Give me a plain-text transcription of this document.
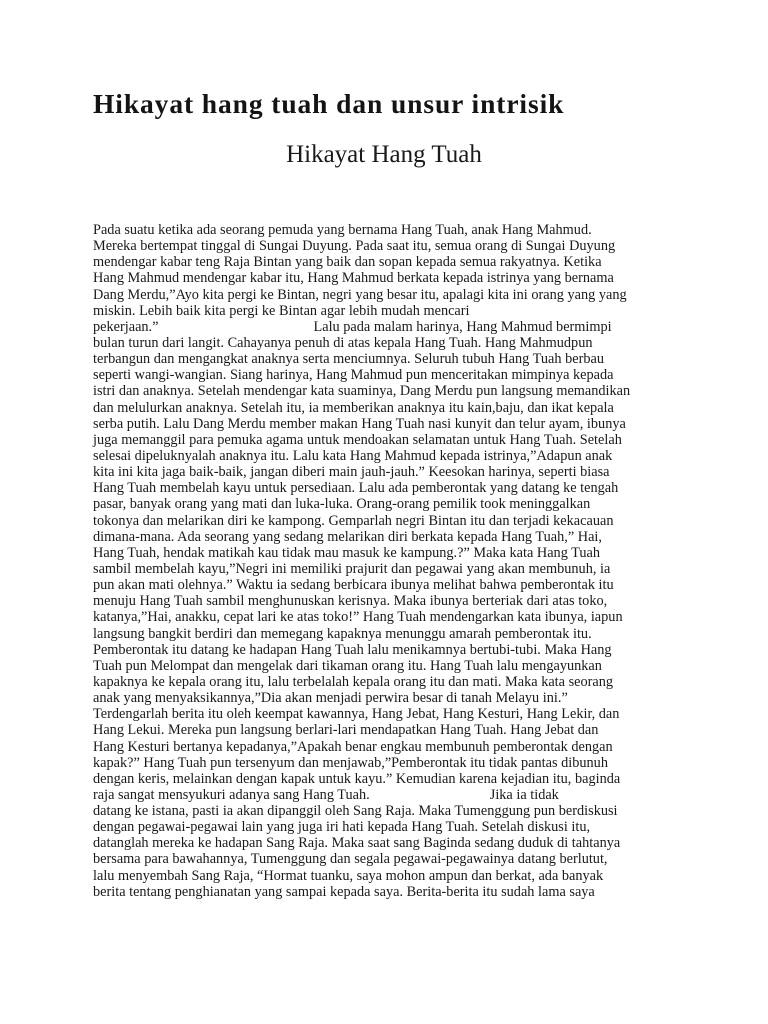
Hikayat hang tuah dan unsur intrisik
Hikayat Hang Tuah
Pada suatu ketika ada seorang pemuda yang bernama Hang Tuah, anak Hang Mahmud.
Mereka bertempat tinggal di Sungai Duyung. Pada saat itu, semua orang di Sungai Duyung
mendengar kabar teng Raja Bintan yang baik dan sopan kepada semua rakyatnya. Ketika
Hang Mahmud mendengar kabar itu, Hang Mahmud berkata kepada istrinya yang bernama
Dang Merdu,”Ayo kita pergi ke Bintan, negri yang besar itu, apalagi kita ini orang yang yang
miskin. Lebih baik kita pergi ke Bintan agar lebih mudah mencari
pekerjaan.”	Lalu pada malam harinya, Hang Mahmud bermimpi
bulan turun dari langit. Cahayanya penuh di atas kepala Hang Tuah. Hang Mahmudpun
terbangun dan mengangkat anaknya serta menciumnya. Seluruh tubuh Hang Tuah berbau
seperti wangi-wangian. Siang harinya, Hang Mahmud pun menceritakan mimpinya kepada
istri dan anaknya. Setelah mendengar kata suaminya, Dang Merdu pun langsung memandikan
dan melulurkan anaknya. Setelah itu, ia memberikan anaknya itu kain,baju, dan ikat kepala
serba putih. Lalu Dang Merdu member makan Hang Tuah nasi kunyit dan telur ayam, ibunya
juga memanggil para pemuka agama untuk mendoakan selamatan untuk Hang Tuah. Setelah
selesai dipeluknyalah anaknya itu. Lalu kata Hang Mahmud kepada istrinya,”Adapun anak
kita ini kita jaga baik-baik, jangan diberi main jauh-jauh.” Keesokan harinya, seperti biasa
Hang Tuah membelah kayu untuk persediaan. Lalu ada pemberontak yang datang ke tengah
pasar, banyak orang yang mati dan luka-luka. Orang-orang pemilik took meninggalkan
tokonya dan melarikan diri ke kampong. Gemparlah negri Bintan itu dan terjadi kekacauan
dimana-mana. Ada seorang yang sedang melarikan diri berkata kepada Hang Tuah,” Hai,
Hang Tuah, hendak matikah kau tidak mau masuk ke kampung.?” Maka kata Hang Tuah
sambil membelah kayu,”Negri ini memiliki prajurit dan pegawai yang akan membunuh, ia
pun akan mati olehnya.” Waktu ia sedang berbicara ibunya melihat bahwa pemberontak itu
menuju Hang Tuah sambil menghunuskan kerisnya. Maka ibunya berteriak dari atas toko,
katanya,”Hai, anakku, cepat lari ke atas toko!” Hang Tuah mendengarkan kata ibunya, iapun
langsung bangkit berdiri dan memegang kapaknya menunggu amarah pemberontak itu.
Pemberontak itu datang ke hadapan Hang Tuah lalu menikamnya bertubi-tubi. Maka Hang
Tuah pun Melompat dan mengelak dari tikaman orang itu. Hang Tuah lalu mengayunkan
kapaknya ke kepala orang itu, lalu terbelalah kepala orang itu dan mati. Maka kata seorang
anak yang menyaksikannya,”Dia akan menjadi perwira besar di tanah Melayu ini.”
Terdengarlah berita itu oleh keempat kawannya, Hang Jebat, Hang Kesturi, Hang Lekir, dan
Hang Lekui. Mereka pun langsung berlari-lari mendapatkan Hang Tuah. Hang Jebat dan
Hang Kesturi bertanya kepadanya,”Apakah benar engkau membunuh pemberontak dengan
kapak?” Hang Tuah pun tersenyum dan menjawab,”Pemberontak itu tidak pantas dibunuh
dengan keris, melainkan dengan kapak untuk kayu.” Kemudian karena kejadian itu, baginda
raja sangat mensyukuri adanya sang Hang Tuah.	Jika ia tidak
datang ke istana, pasti ia akan dipanggil oleh Sang Raja. Maka Tumenggung pun berdiskusi
dengan pegawai-pegawai lain yang juga iri hati kepada Hang Tuah. Setelah diskusi itu,
datanglah mereka ke hadapan Sang Raja. Maka saat sang Baginda sedang duduk di tahtanya
bersama para bawahannya, Tumenggung dan segala pegawai-pegawainya datang berlutut,
lalu menyembah Sang Raja, “Hormat tuanku, saya mohon ampun dan berkat, ada banyak
berita tentang penghianatan yang sampai kepada saya. Berita-berita itu sudah lama saya
